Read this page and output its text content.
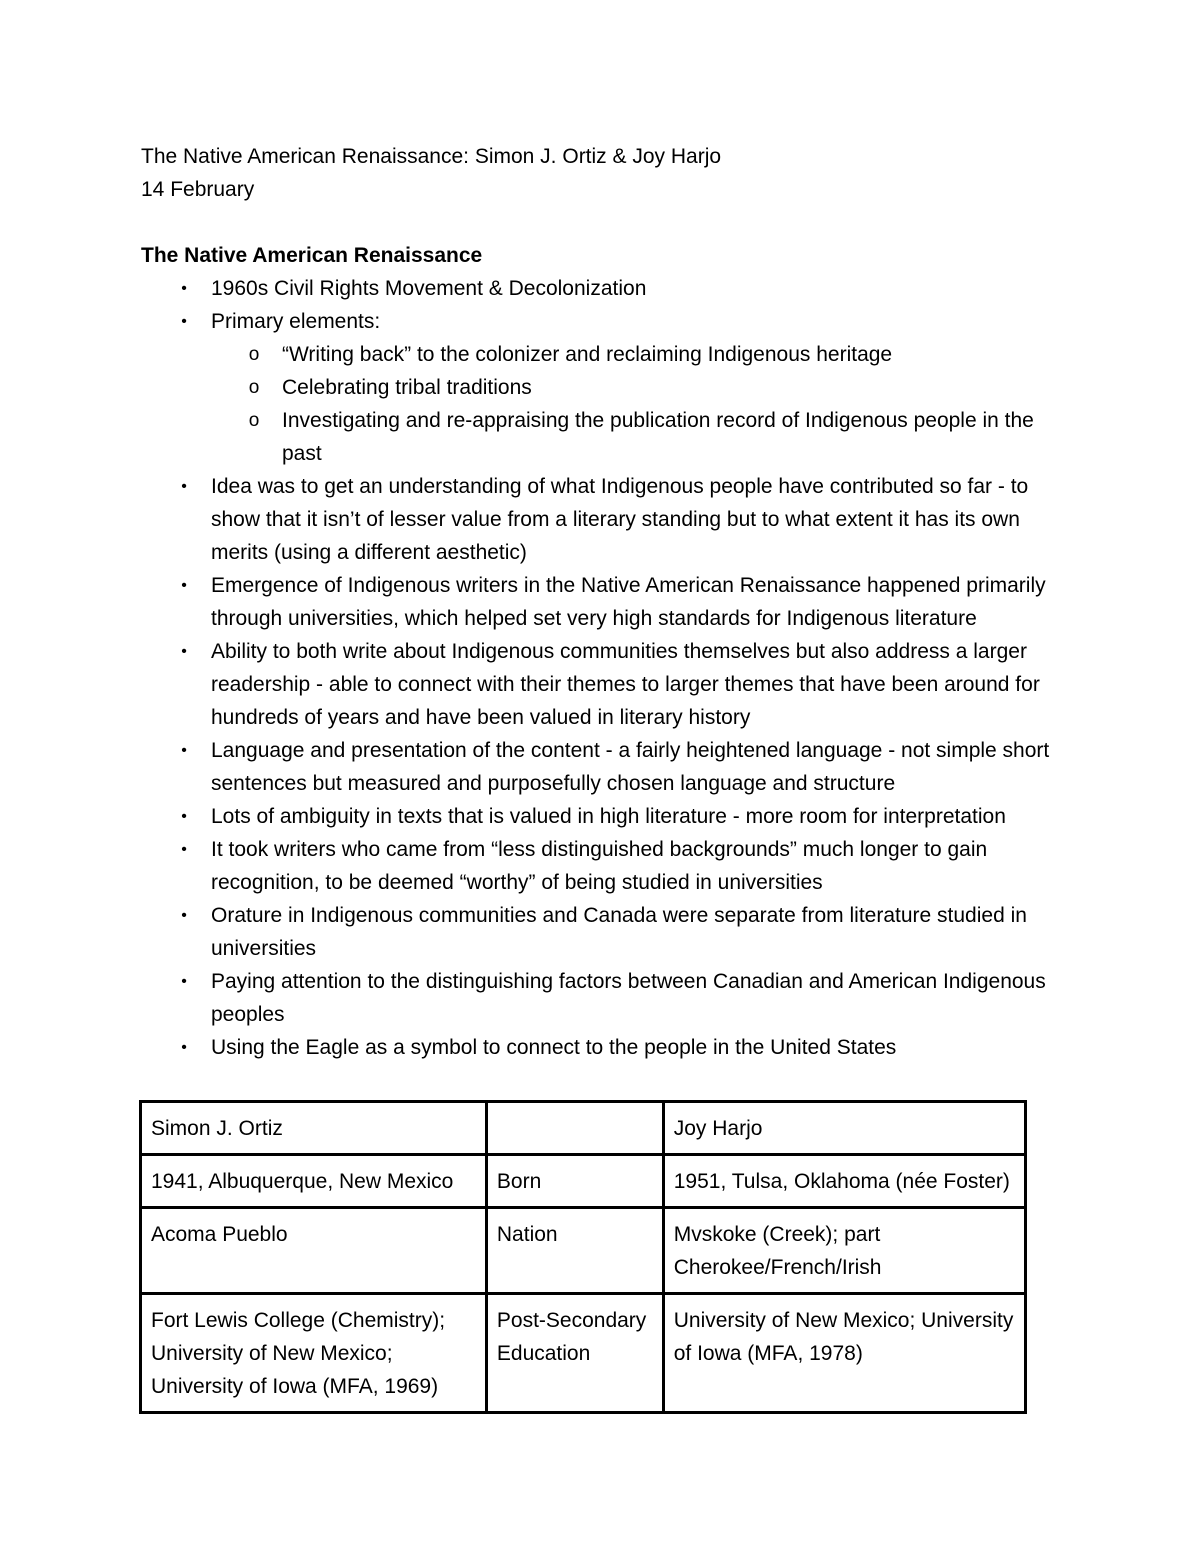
The Native American Renaissance: Simon J. Ortiz & Joy Harjo

14 February

The Native American Renaissance

•	1960s Civil Rights Movement & Decolonization
•	Primary elements:
o “Writing back” to the colonizer and reclaiming Indigenous heritage
o Celebrating tribal traditions
o Investigating and re-appraising the publication record of Indigenous people in the past
•	Idea was to get an understanding of what Indigenous people have contributed so far - to show that it isn’t of lesser value from a literary standing but to what extent it has its own merits (using a different aesthetic)
•	Emergence of Indigenous writers in the Native American Renaissance happened primarily through universities, which helped set very high standards for Indigenous literature
•	Ability to both write about Indigenous communities themselves but also address a larger readership - able to connect with their themes to larger themes that have been around for hundreds of years and have been valued in literary history
•	Language and presentation of the content - a fairly heightened language - not simple short sentences but measured and purposefully chosen language and structure
•	Lots of ambiguity in texts that is valued in high literature - more room for interpretation
•	It took writers who came from “less distinguished backgrounds” much longer to gain recognition, to be deemed “worthy” of being studied in universities
•	Orature in Indigenous communities and Canada were separate from literature studied in universities
•	Paying attention to the distinguishing factors between Canadian and American Indigenous peoples
•	Using the Eagle as a symbol to connect to the people in the United States
Simon J. Ortiz		Joy Harjo
1941, Albuquerque, New Mexico	Born	1951, Tulsa, Oklahoma (née Foster)
Acoma Pueblo	Nation	Mvskoke (Creek); part Cherokee/French/Irish
Fort Lewis College (Chemistry); University of New Mexico; University of Iowa (MFA, 1969)	Post-Secondary Education	University of New Mexico; University of Iowa (MFA, 1978)
